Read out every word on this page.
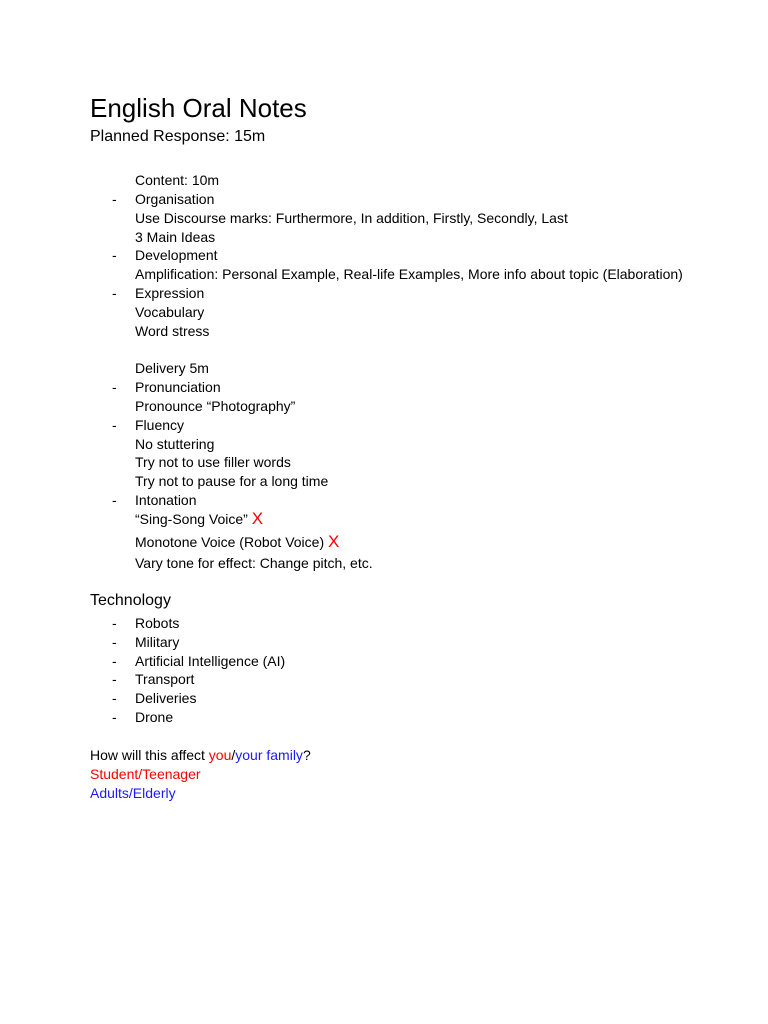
English Oral Notes
Planned Response: 15m
Content: 10m
- Organisation
Use Discourse marks: Furthermore, In addition, Firstly, Secondly, Last
3 Main Ideas
- Development
Amplification: Personal Example, Real-life Examples, More info about topic (Elaboration)
- Expression
Vocabulary
Word stress
Delivery 5m
- Pronunciation
Pronounce “Photography”
- Fluency
No stuttering
Try not to use filler words
Try not to pause for a long time
- Intonation
“Sing-Song Voice” X
Monotone Voice (Robot Voice) X
Vary tone for effect: Change pitch, etc.
Technology
- Robots
- Military
- Artificial Intelligence (AI)
- Transport
- Deliveries
- Drone
How will this affect you/your family?
Student/Teenager
Adults/Elderly
